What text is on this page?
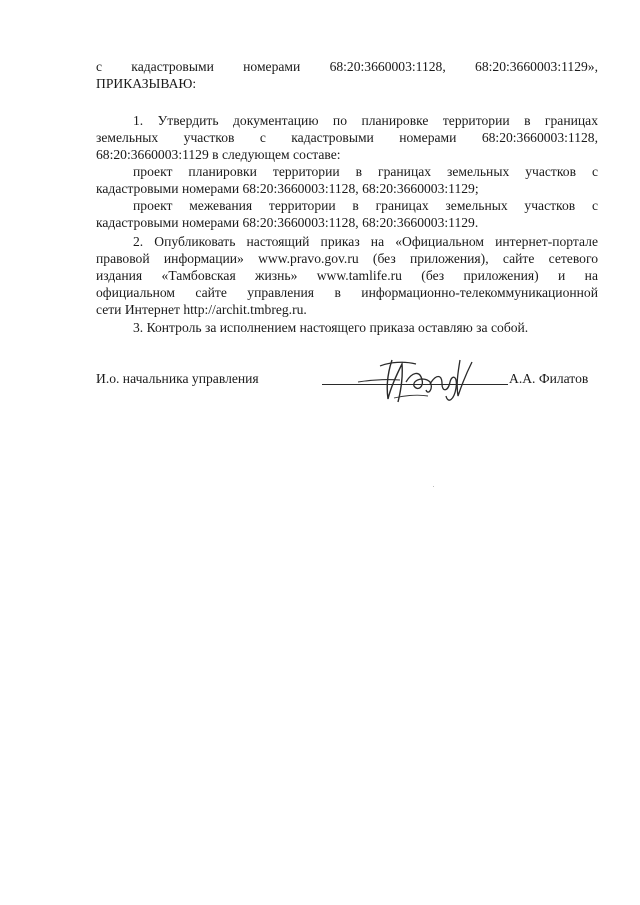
с кадастровыми номерами 68:20:3660003:1128, 68:20:3660003:1129»,
ПРИКАЗЫВАЮ:
1. Утвердить документацию по планировке территории в границах
земельных участков с кадастровыми номерами 68:20:3660003:1128,
68:20:3660003:1129 в следующем составе:
проект планировки территории в границах земельных участков с
кадастровыми номерами 68:20:3660003:1128, 68:20:3660003:1129;
проект межевания территории в границах земельных участков с
кадастровыми номерами 68:20:3660003:1128, 68:20:3660003:1129.
2. Опубликовать настоящий приказ на «Официальном интернет-портале
правовой информации» www.pravo.gov.ru (без приложения), сайте сетевого
издания «Тамбовская жизнь» www.tamlife.ru (без приложения) и на
официальном сайте управления в информационно-телекоммуникационной
сети Интернет http://archit.tmbreg.ru.
3. Контроль за исполнением настоящего приказа оставляю за собой.
И.о. начальника управления	А.А. Филатов
